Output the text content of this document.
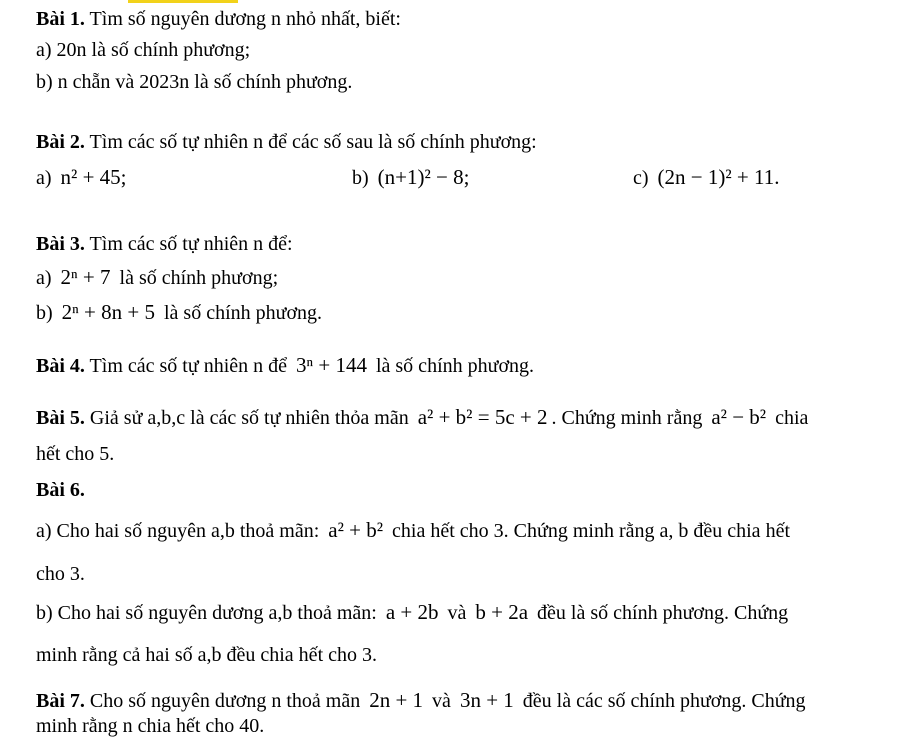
Bài 1. Tìm số nguyên dương n nhỏ nhất, biết:
a) 20n là số chính phương;
b) n chẵn và 2023n là số chính phương.
Bài 2. Tìm các số tự nhiên n để các số sau là số chính phương:
a) n² + 45;	b) (n+1)² − 8;	c) (2n − 1)² + 11.
Bài 3. Tìm các số tự nhiên n để:
a) 2ⁿ + 7 là số chính phương;
b) 2ⁿ + 8n + 5 là số chính phương.
Bài 4. Tìm các số tự nhiên n để 3ⁿ + 144 là số chính phương.
Bài 5. Giả sử a,b,c là các số tự nhiên thỏa mãn a² + b² = 5c + 2 . Chứng minh rằng a² − b² chia
hết cho 5.
Bài 6.
a) Cho hai số nguyên a,b thoả mãn: a² + b² chia hết cho 3. Chứng minh rằng a, b đều chia hết
cho 3.
b) Cho hai số nguyên dương a,b thoả mãn: a + 2b và b + 2a đều là số chính phương. Chứng
minh rằng cả hai số a,b đều chia hết cho 3.
Bài 7. Cho số nguyên dương n thoả mãn 2n + 1 và 3n + 1 đều là các số chính phương. Chứng
minh rằng n chia hết cho 40.
